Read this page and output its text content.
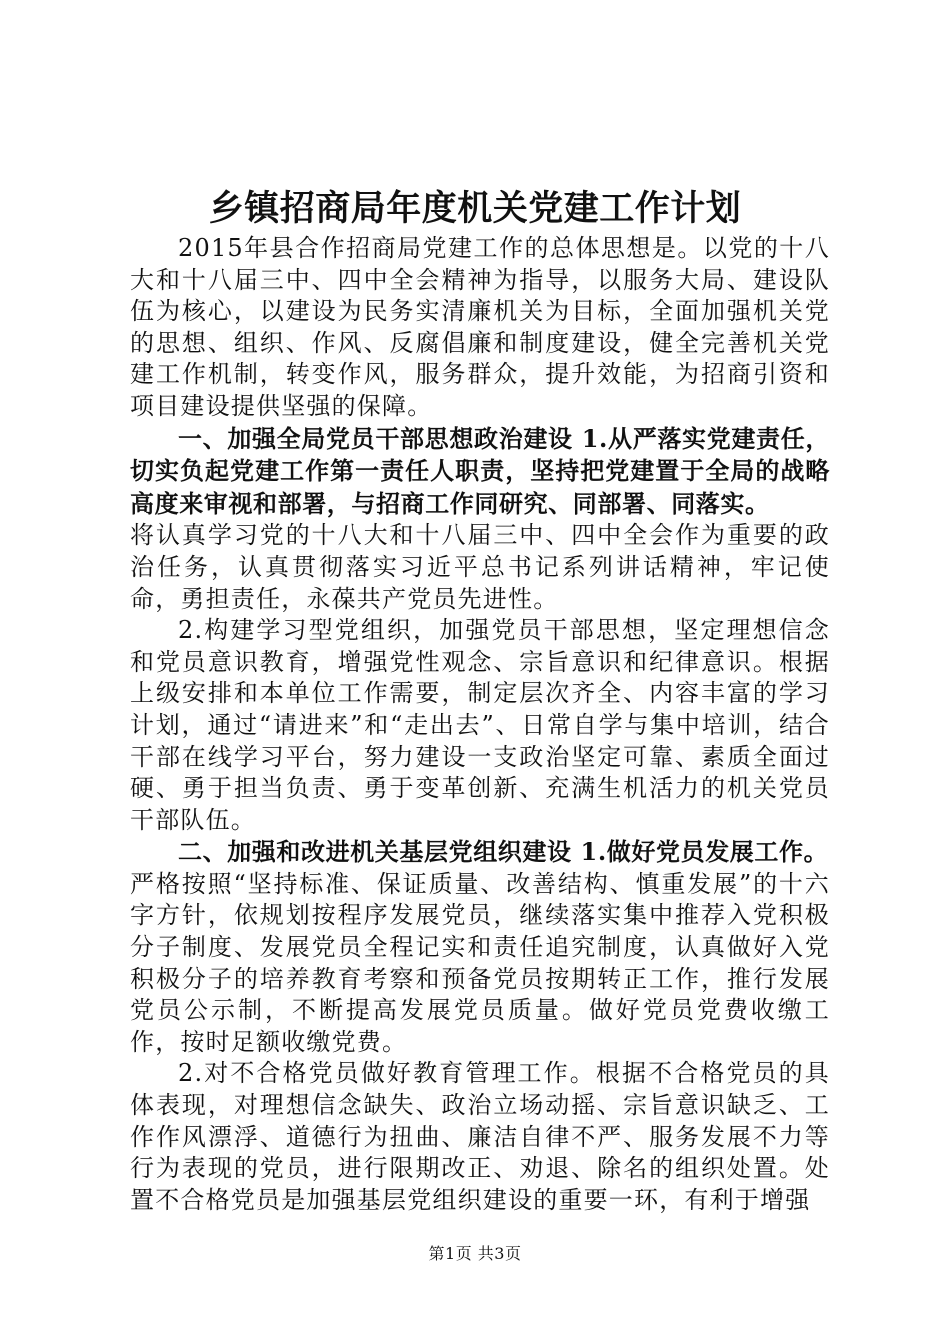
乡镇招商局年度机关党建工作计划

2015年县合作招商局党建工作的总体思想是。以党的十八大和十八届三中、四中全会精神为指导，以服务大局、建设队伍为核心，以建设为民务实清廉机关为目标，全面加强机关党的思想、组织、作风、反腐倡廉和制度建设，健全完善机关党建工作机制，转变作风，服务群众，提升效能，为招商引资和项目建设提供坚强的保障。

一、加强全局党员干部思想政治建设 1.从严落实党建责任，切实负起党建工作第一责任人职责，坚持把党建置于全局的战略高度来审视和部署，与招商工作同研究、同部署、同落实。

将认真学习党的十八大和十八届三中、四中全会作为重要的政治任务，认真贯彻落实习近平总书记系列讲话精神，牢记使命，勇担责任，永葆共产党员先进性。

2.构建学习型党组织，加强党员干部思想，坚定理想信念和党员意识教育，增强党性观念、宗旨意识和纪律意识。根据上级安排和本单位工作需要，制定层次齐全、内容丰富的学习计划，通过“请进来”和“走出去”、日常自学与集中培训，结合干部在线学习平台，努力建设一支政治坚定可靠、素质全面过硬、勇于担当负责、勇于变革创新、充满生机活力的机关党员干部队伍。

二、加强和改进机关基层党组织建设 1.做好党员发展工作。

严格按照“坚持标准、保证质量、改善结构、慎重发展”的十六字方针，依规划按程序发展党员，继续落实集中推荐入党积极分子制度、发展党员全程记实和责任追究制度，认真做好入党积极分子的培养教育考察和预备党员按期转正工作，推行发展党员公示制，不断提高发展党员质量。做好党员党费收缴工作，按时足额收缴党费。

2.对不合格党员做好教育管理工作。根据不合格党员的具体表现，对理想信念缺失、政治立场动摇、宗旨意识缺乏、工作作风漂浮、道德行为扭曲、廉洁自律不严、服务发展不力等行为表现的党员，进行限期改正、劝退、除名的组织处置。处置不合格党员是加强基层党组织建设的重要一环，有利于增强

第1页 共3页
